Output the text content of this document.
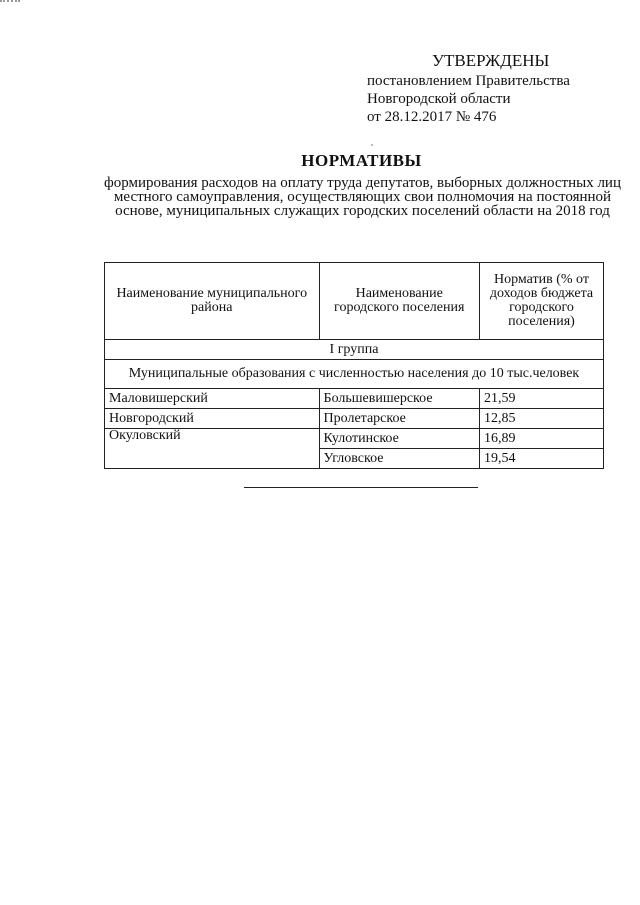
УТВЕРЖДЕНЫ
постановлением Правительства
Новгородской области
от 28.12.2017 № 476
НОРМАТИВЫ
формирования расходов на оплату труда депутатов, выборных должностных лиц местного самоуправления, осуществляющих свои полномочия на постоянной основе, муниципальных служащих городских поселений области на 2018 год
Наименование муниципального района	Наименование городского поселения	Норматив (% от доходов бюджета городского поселения)
I группа		
Муниципальные образования с численностью населения до 10 тыс.человек		
Маловишерский	Большевишерское	21,59
Новгородский	Пролетарское	12,85
Окуловский	Кулотинское	16,89
	Угловское	19,54
